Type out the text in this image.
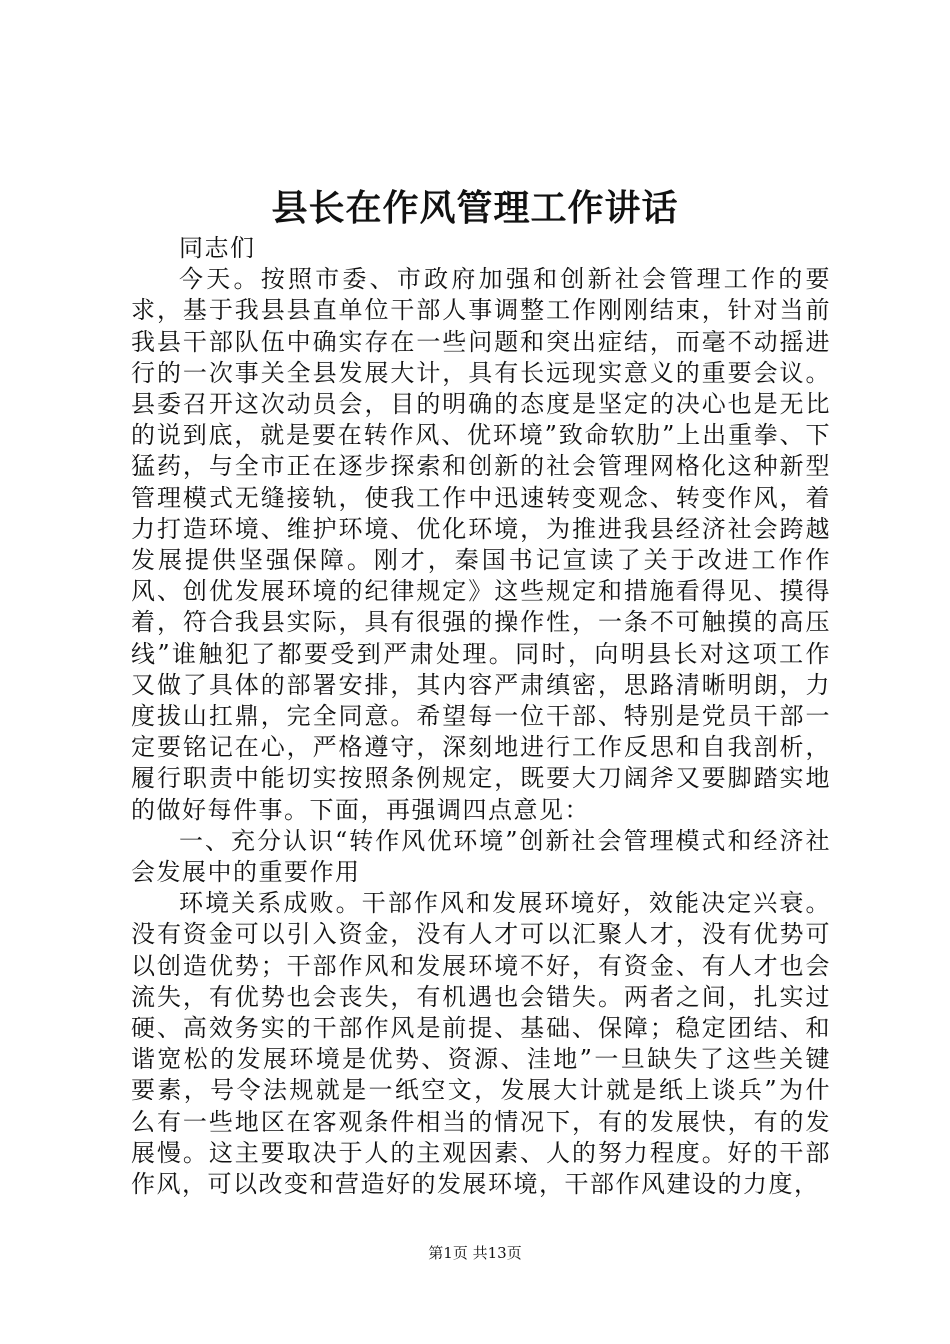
县长在作风管理工作讲话

同志们

今天。按照市委、市政府加强和创新社会管理工作的要求，基于我县县直单位干部人事调整工作刚刚结束，针对当前我县干部队伍中确实存在一些问题和突出症结，而毫不动摇进行的一次事关全县发展大计，具有长远现实意义的重要会议。县委召开这次动员会，目的明确的态度是坚定的决心也是无比的说到底，就是要在转作风、优环境”致命软肋”上出重拳、下猛药，与全市正在逐步探索和创新的社会管理网格化这种新型管理模式无缝接轨，使我工作中迅速转变观念、转变作风，着力打造环境、维护环境、优化环境，为推进我县经济社会跨越发展提供坚强保障。刚才，秦国书记宣读了关于改进工作作风、创优发展环境的纪律规定》这些规定和措施看得见、摸得着，符合我县实际，具有很强的操作性，一条不可触摸的高压线”谁触犯了都要受到严肃处理。同时，向明县长对这项工作又做了具体的部署安排，其内容严肃缜密，思路清晰明朗，力度拔山扛鼎，完全同意。希望每一位干部、特别是党员干部一定要铭记在心，严格遵守，深刻地进行工作反思和自我剖析，履行职责中能切实按照条例规定，既要大刀阔斧又要脚踏实地的做好每件事。下面，再强调四点意见：

一、充分认识“转作风优环境”创新社会管理模式和经济社会发展中的重要作用

环境关系成败。干部作风和发展环境好，效能决定兴衰。没有资金可以引入资金，没有人才可以汇聚人才，没有优势可以创造优势；干部作风和发展环境不好，有资金、有人才也会流失，有优势也会丧失，有机遇也会错失。两者之间，扎实过硬、高效务实的干部作风是前提、基础、保障；稳定团结、和谐宽松的发展环境是优势、资源、洼地”一旦缺失了这些关键要素，号令法规就是一纸空文，发展大计就是纸上谈兵”为什么有一些地区在客观条件相当的情况下，有的发展快，有的发展慢。这主要取决于人的主观因素、人的努力程度。好的干部作风，可以改变和营造好的发展环境，干部作风建设的力度，

第1页 共13页
